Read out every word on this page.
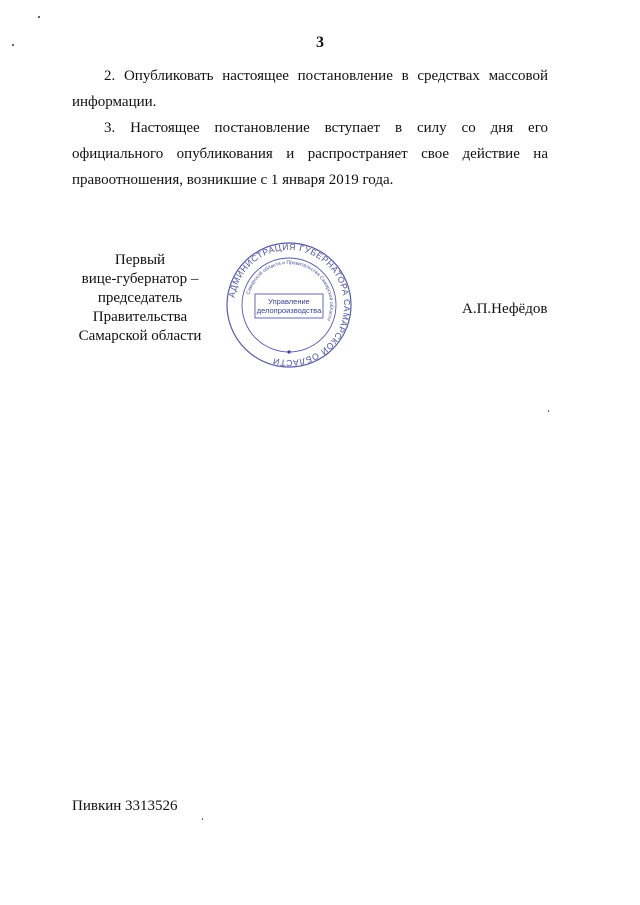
3
2. Опубликовать настоящее постановление в средствах массовой информации.
3. Настоящее постановление вступает в силу со дня его официального опубликования и распространяет свое действие на правоотношения, возникшие с 1 января 2019 года.
Первый
вице-губернатор –
председатель Правительства
Самарской области
АДМИНИСТРАЦИЯ ГУБЕРНАТОРА САМАРСКОЙ ОБЛАСТИ
Самарской области и Правительства Самарской области
Управление
делопроизводства	А.П.Нефёдов
Пивкин 3313526
